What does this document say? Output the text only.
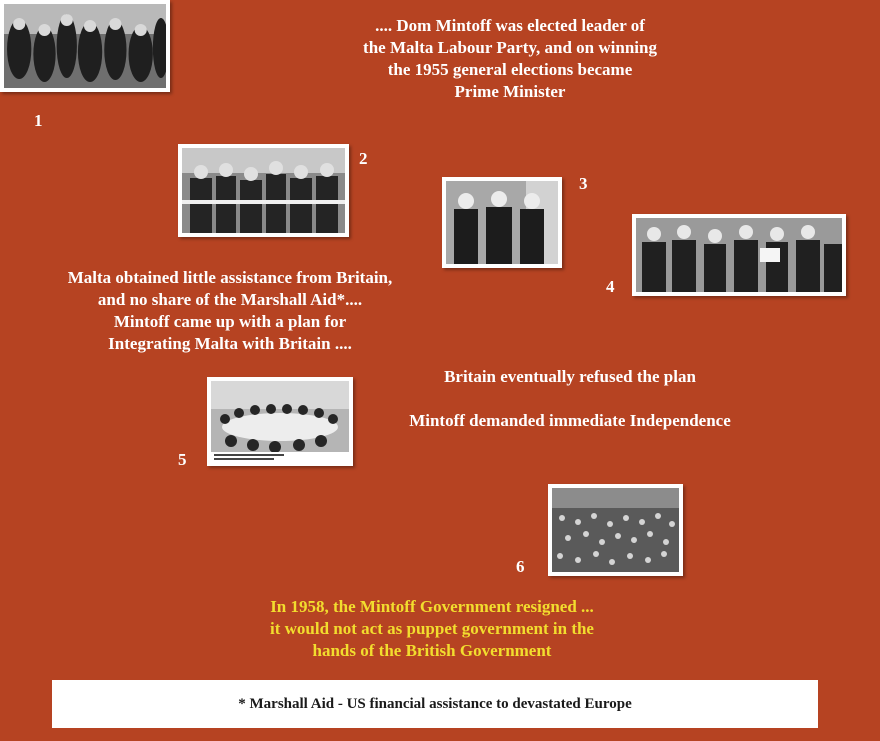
1
.... Dom Mintoff was elected leader of
the Malta Labour Party, and on winning
the 1955 general elections became
Prime Minister
2
3
4
Malta obtained little assistance from Britain,
and no share of the Marshall Aid*....
Mintoff came up with a plan for
Integrating Malta with Britain ....
Britain eventually refused the plan
Mintoff demanded immediate Independence
5
6
In 1958, the Mintoff Government resigned ...
it would not act as puppet government in the
hands of the British Government
* Marshall Aid - US financial assistance to devastated Europe
